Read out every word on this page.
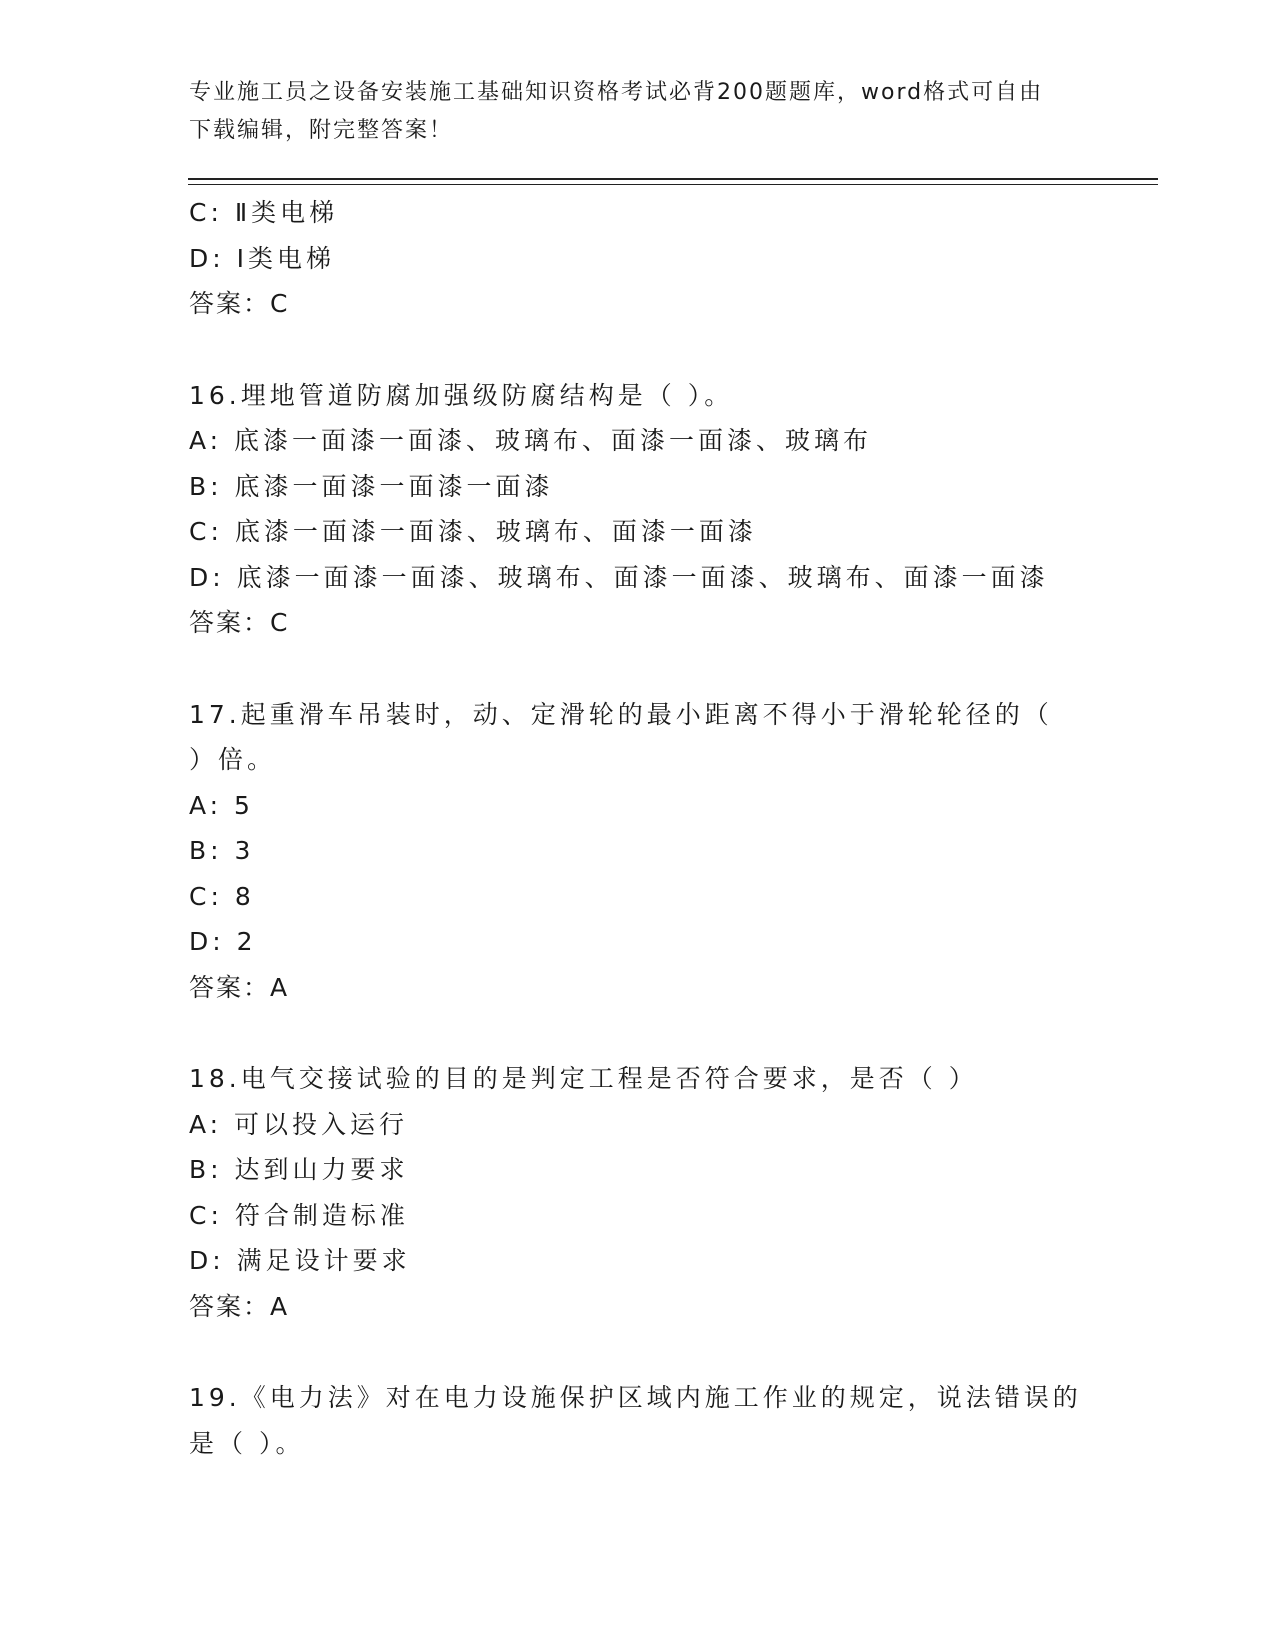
专业施工员之设备安装施工基础知识资格考试必背200题题库，word格式可自由
下载编辑，附完整答案！
C: Ⅱ类电梯
D: Ⅰ类电梯
答案：C
16.埋地管道防腐加强级防腐结构是（ ）。
A: 底漆一面漆一面漆、玻璃布、面漆一面漆、玻璃布
B: 底漆一面漆一面漆一面漆
C: 底漆一面漆一面漆、玻璃布、面漆一面漆
D: 底漆一面漆一面漆、玻璃布、面漆一面漆、玻璃布、面漆一面漆
答案：C
17.起重滑车吊装时，动、定滑轮的最小距离不得小于滑轮轮径的（
）倍。
A: 5
B: 3
C: 8
D: 2
答案：A
18.电气交接试验的目的是判定工程是否符合要求，是否（ ）
A: 可以投入运行
B: 达到山力要求
C: 符合制造标准
D: 满足设计要求
答案：A
19.《电力法》对在电力设施保护区域内施工作业的规定，说法错误的
是（ ）。
